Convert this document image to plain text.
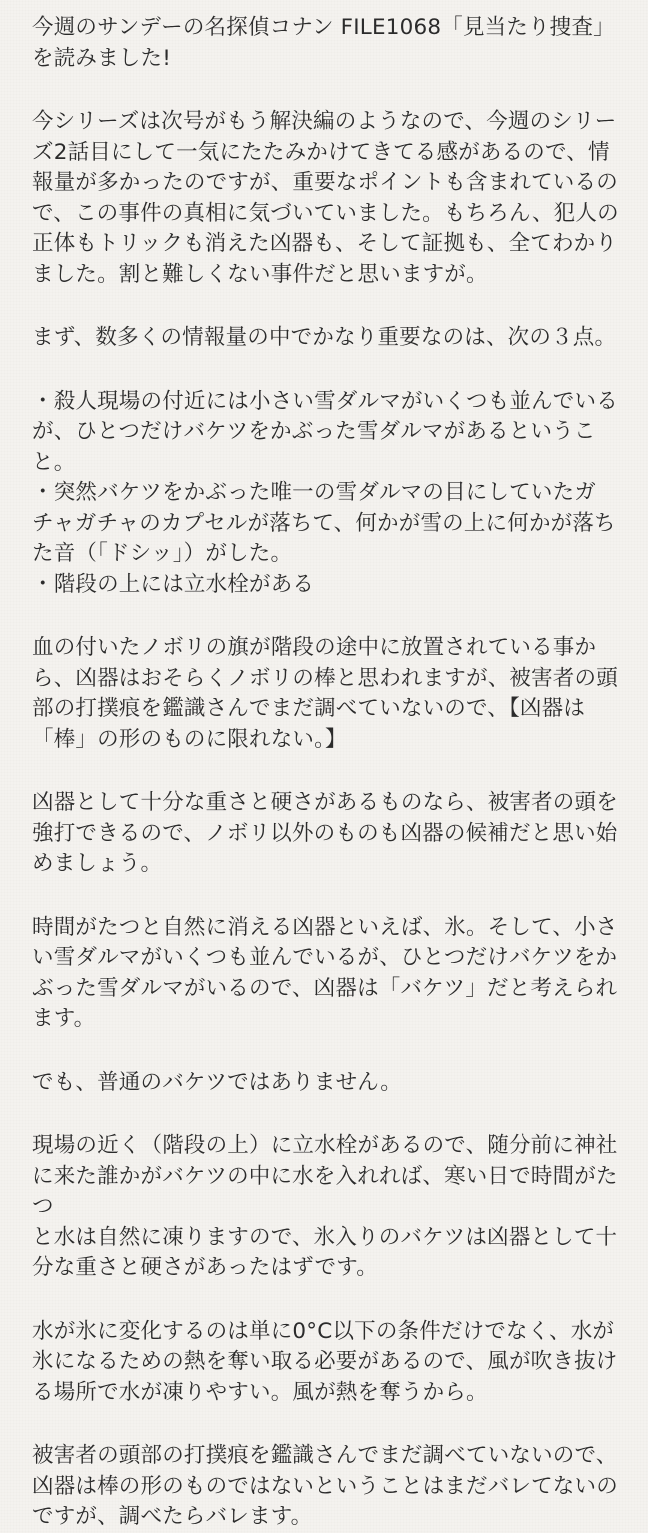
今週のサンデーの名探偵コナン FILE1068「見当たり捜査」
を読みました!

今シリーズは次号がもう解決編のようなので、今週のシリー
ズ2話目にして一気にたたみかけてきてる感があるので、情
報量が多かったのですが、重要なポイントも含まれているの
で、この事件の真相に気づいていました。もちろん、犯人の
正体もトリックも消えた凶器も、そして証拠も、全てわかり
ました。割と難しくない事件だと思いますが。

まず、数多くの情報量の中でかなり重要なのは、次の３点。

・殺人現場の付近には小さい雪ダルマがいくつも並んでいる
が、ひとつだけバケツをかぶった雪ダルマがあるというこ
と。
・突然バケツをかぶった唯一の雪ダルマの目にしていたガ
チャガチャのカプセルが落ちて、何かが雪の上に何かが落ち
た音（「ドシッ」）がした。
・階段の上には立水栓がある

血の付いたノボリの旗が階段の途中に放置されている事か
ら、凶器はおそらくノボリの棒と思われますが、被害者の頭
部の打撲痕を鑑識さんでまだ調べていないので、【凶器は
「棒」の形のものに限れない。】

凶器として十分な重さと硬さがあるものなら、被害者の頭を
強打できるので、ノボリ以外のものも凶器の候補だと思い始
めましょう。

時間がたつと自然に消える凶器といえば、氷。そして、小さ
い雪ダルマがいくつも並んでいるが、ひとつだけバケツをか
ぶった雪ダルマがいるので、凶器は「バケツ」だと考えられ
ます。

でも、普通のバケツではありません。

現場の近く（階段の上）に立水栓があるので、随分前に神社
に来た誰かがバケツの中に水を入れれば、寒い日で時間がたつ
と水は自然に凍りますので、氷入りのバケツは凶器として十
分な重さと硬さがあったはずです。

水が氷に変化するのは単に0°C以下の条件だけでなく、水が
氷になるための熱を奪い取る必要があるので、風が吹き抜け
る場所で水が凍りやすい。風が熱を奪うから。

被害者の頭部の打撲痕を鑑識さんでまだ調べていないので、
凶器は棒の形のものではないということはまだバレてないの
ですが、調べたらバレます。
